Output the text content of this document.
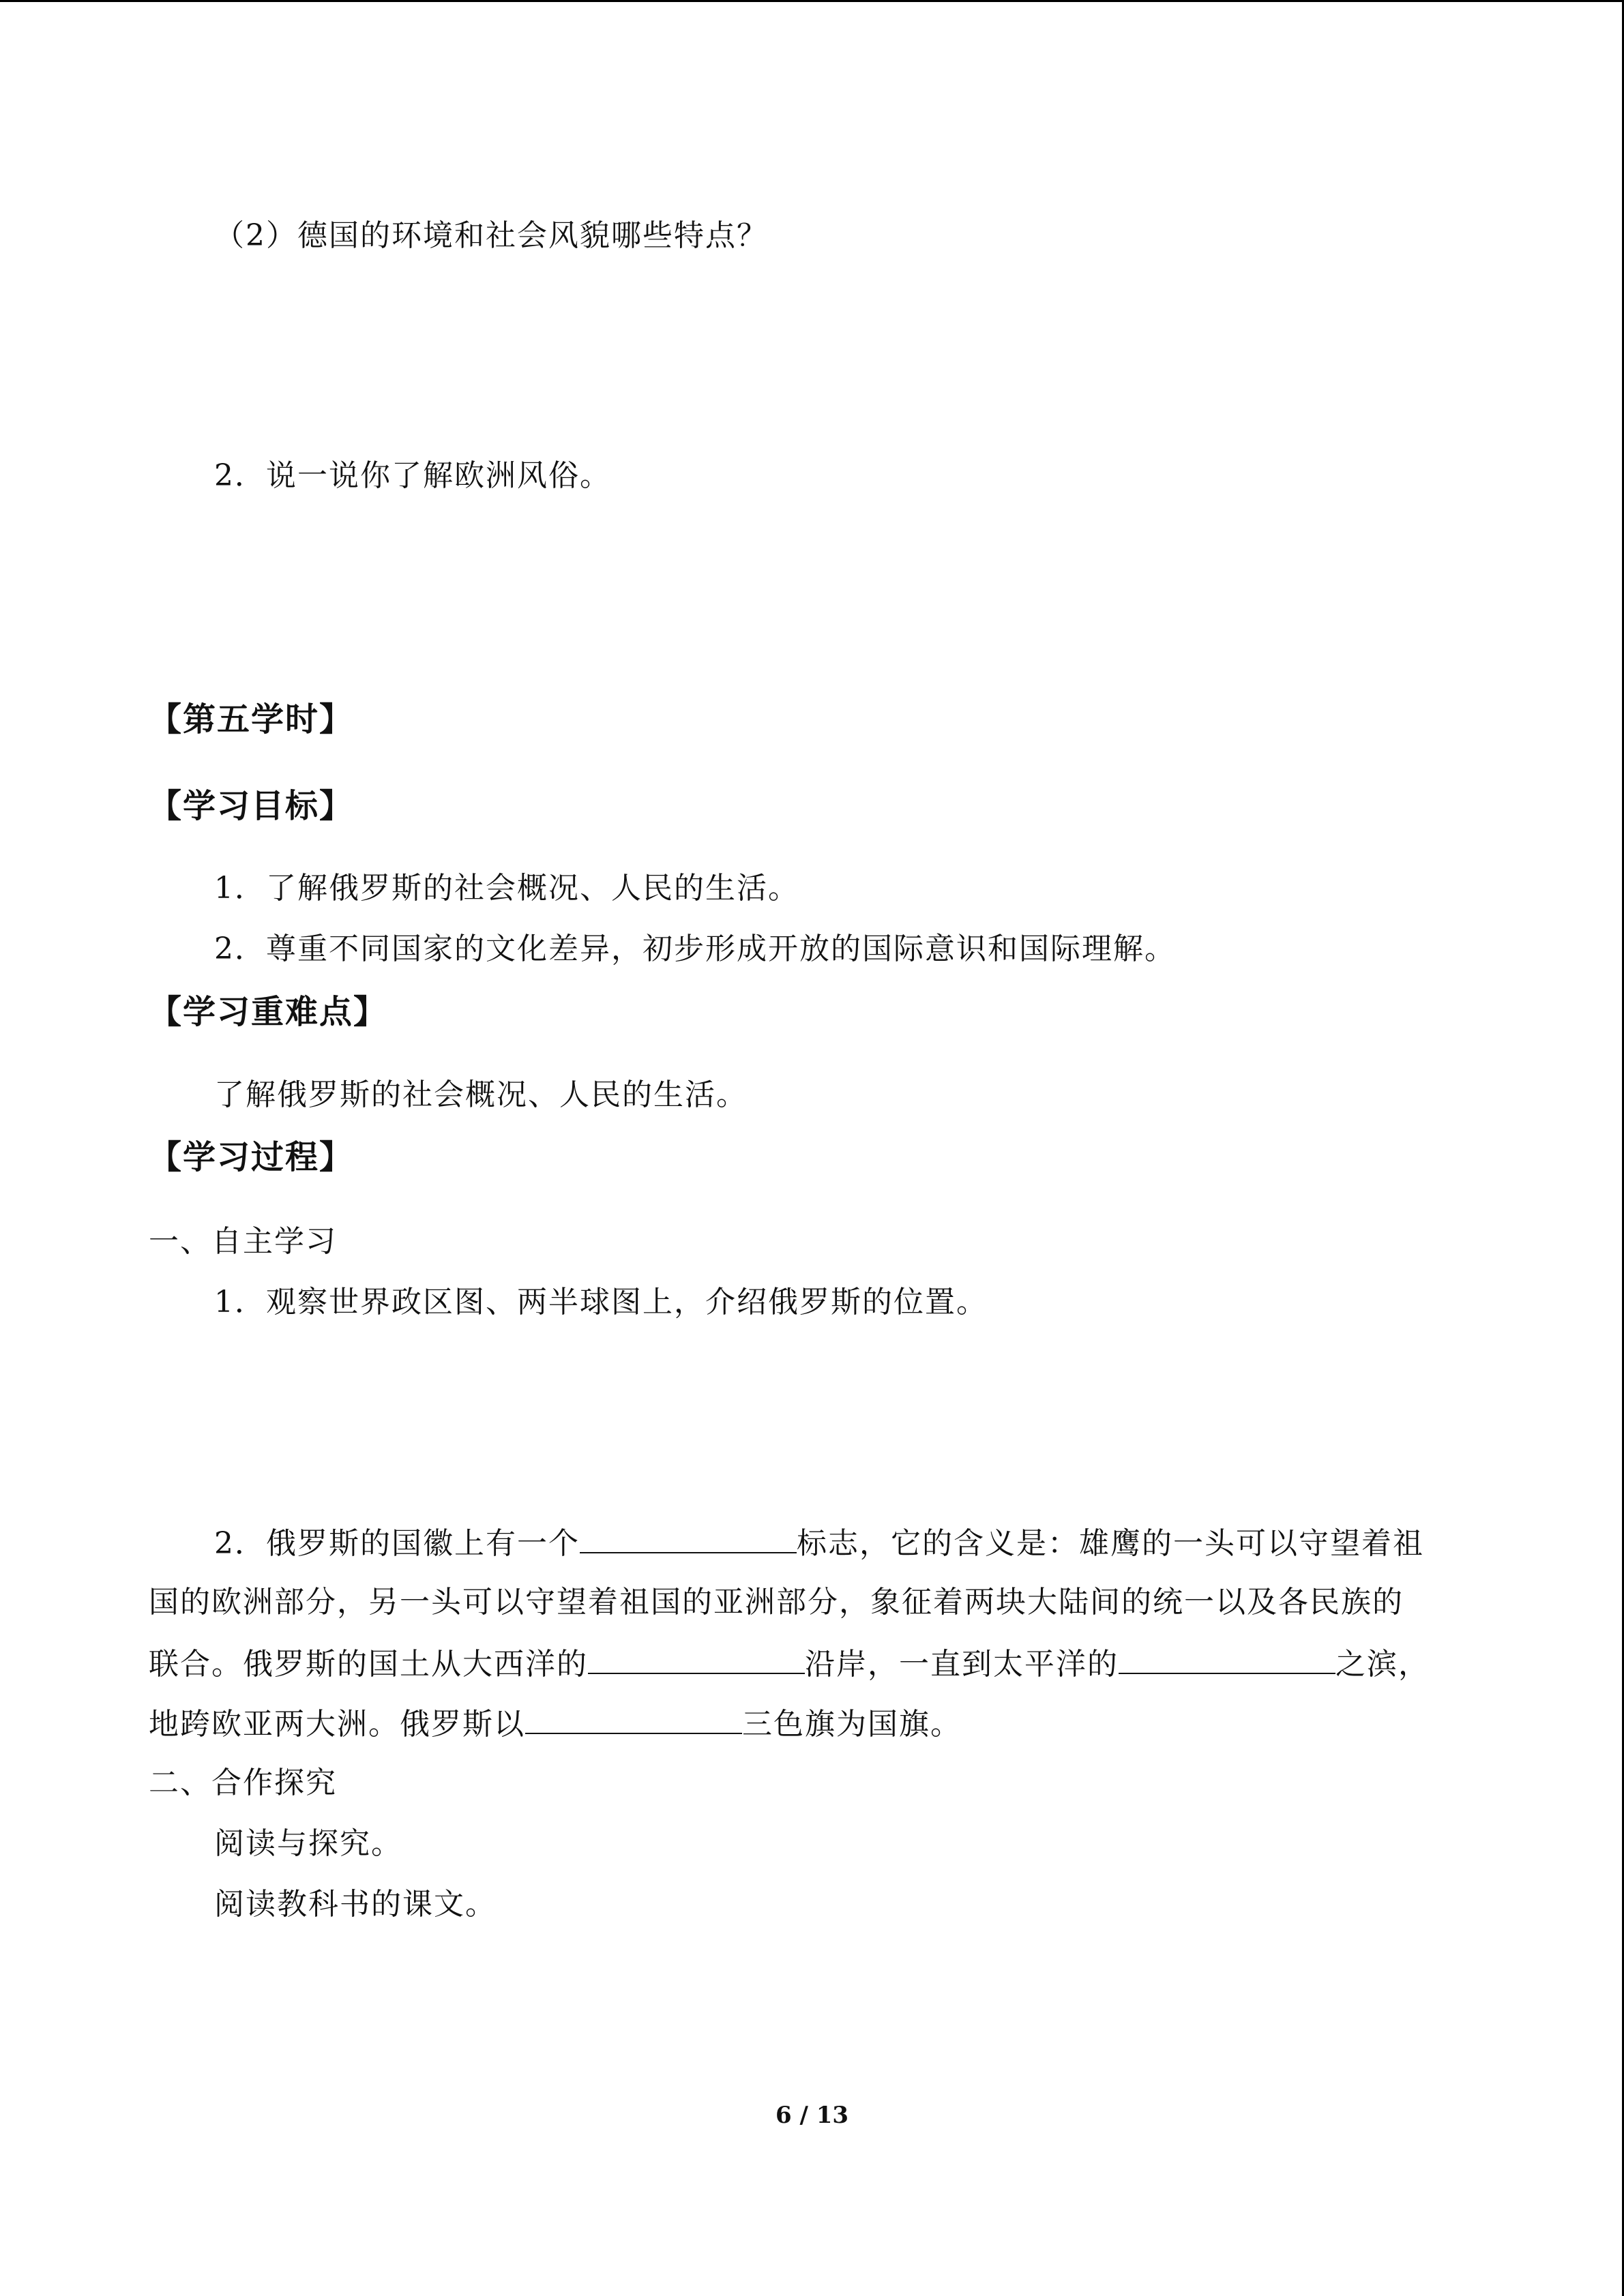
（2）德国的环境和社会风貌哪些特点？
2．说一说你了解欧洲风俗。
【第五学时】
【学习目标】
1．了解俄罗斯的社会概况、人民的生活。
2．尊重不同国家的文化差异，初步形成开放的国际意识和国际理解。
【学习重难点】
了解俄罗斯的社会概况、人民的生活。
【学习过程】
一、自主学习
1．观察世界政区图、两半球图上，介绍俄罗斯的位置。
2．俄罗斯的国徽上有一个	标志，它的含义是：雄鹰的一头可以守望着祖
国的欧洲部分，另一头可以守望着祖国的亚洲部分，象征着两块大陆间的统一以及各民族的
联合。俄罗斯的国土从大西洋的	沿岸，一直到太平洋的	之滨，
地跨欧亚两大洲。俄罗斯以	三色旗为国旗。
二、合作探究
阅读与探究。
阅读教科书的课文。
6 / 13
